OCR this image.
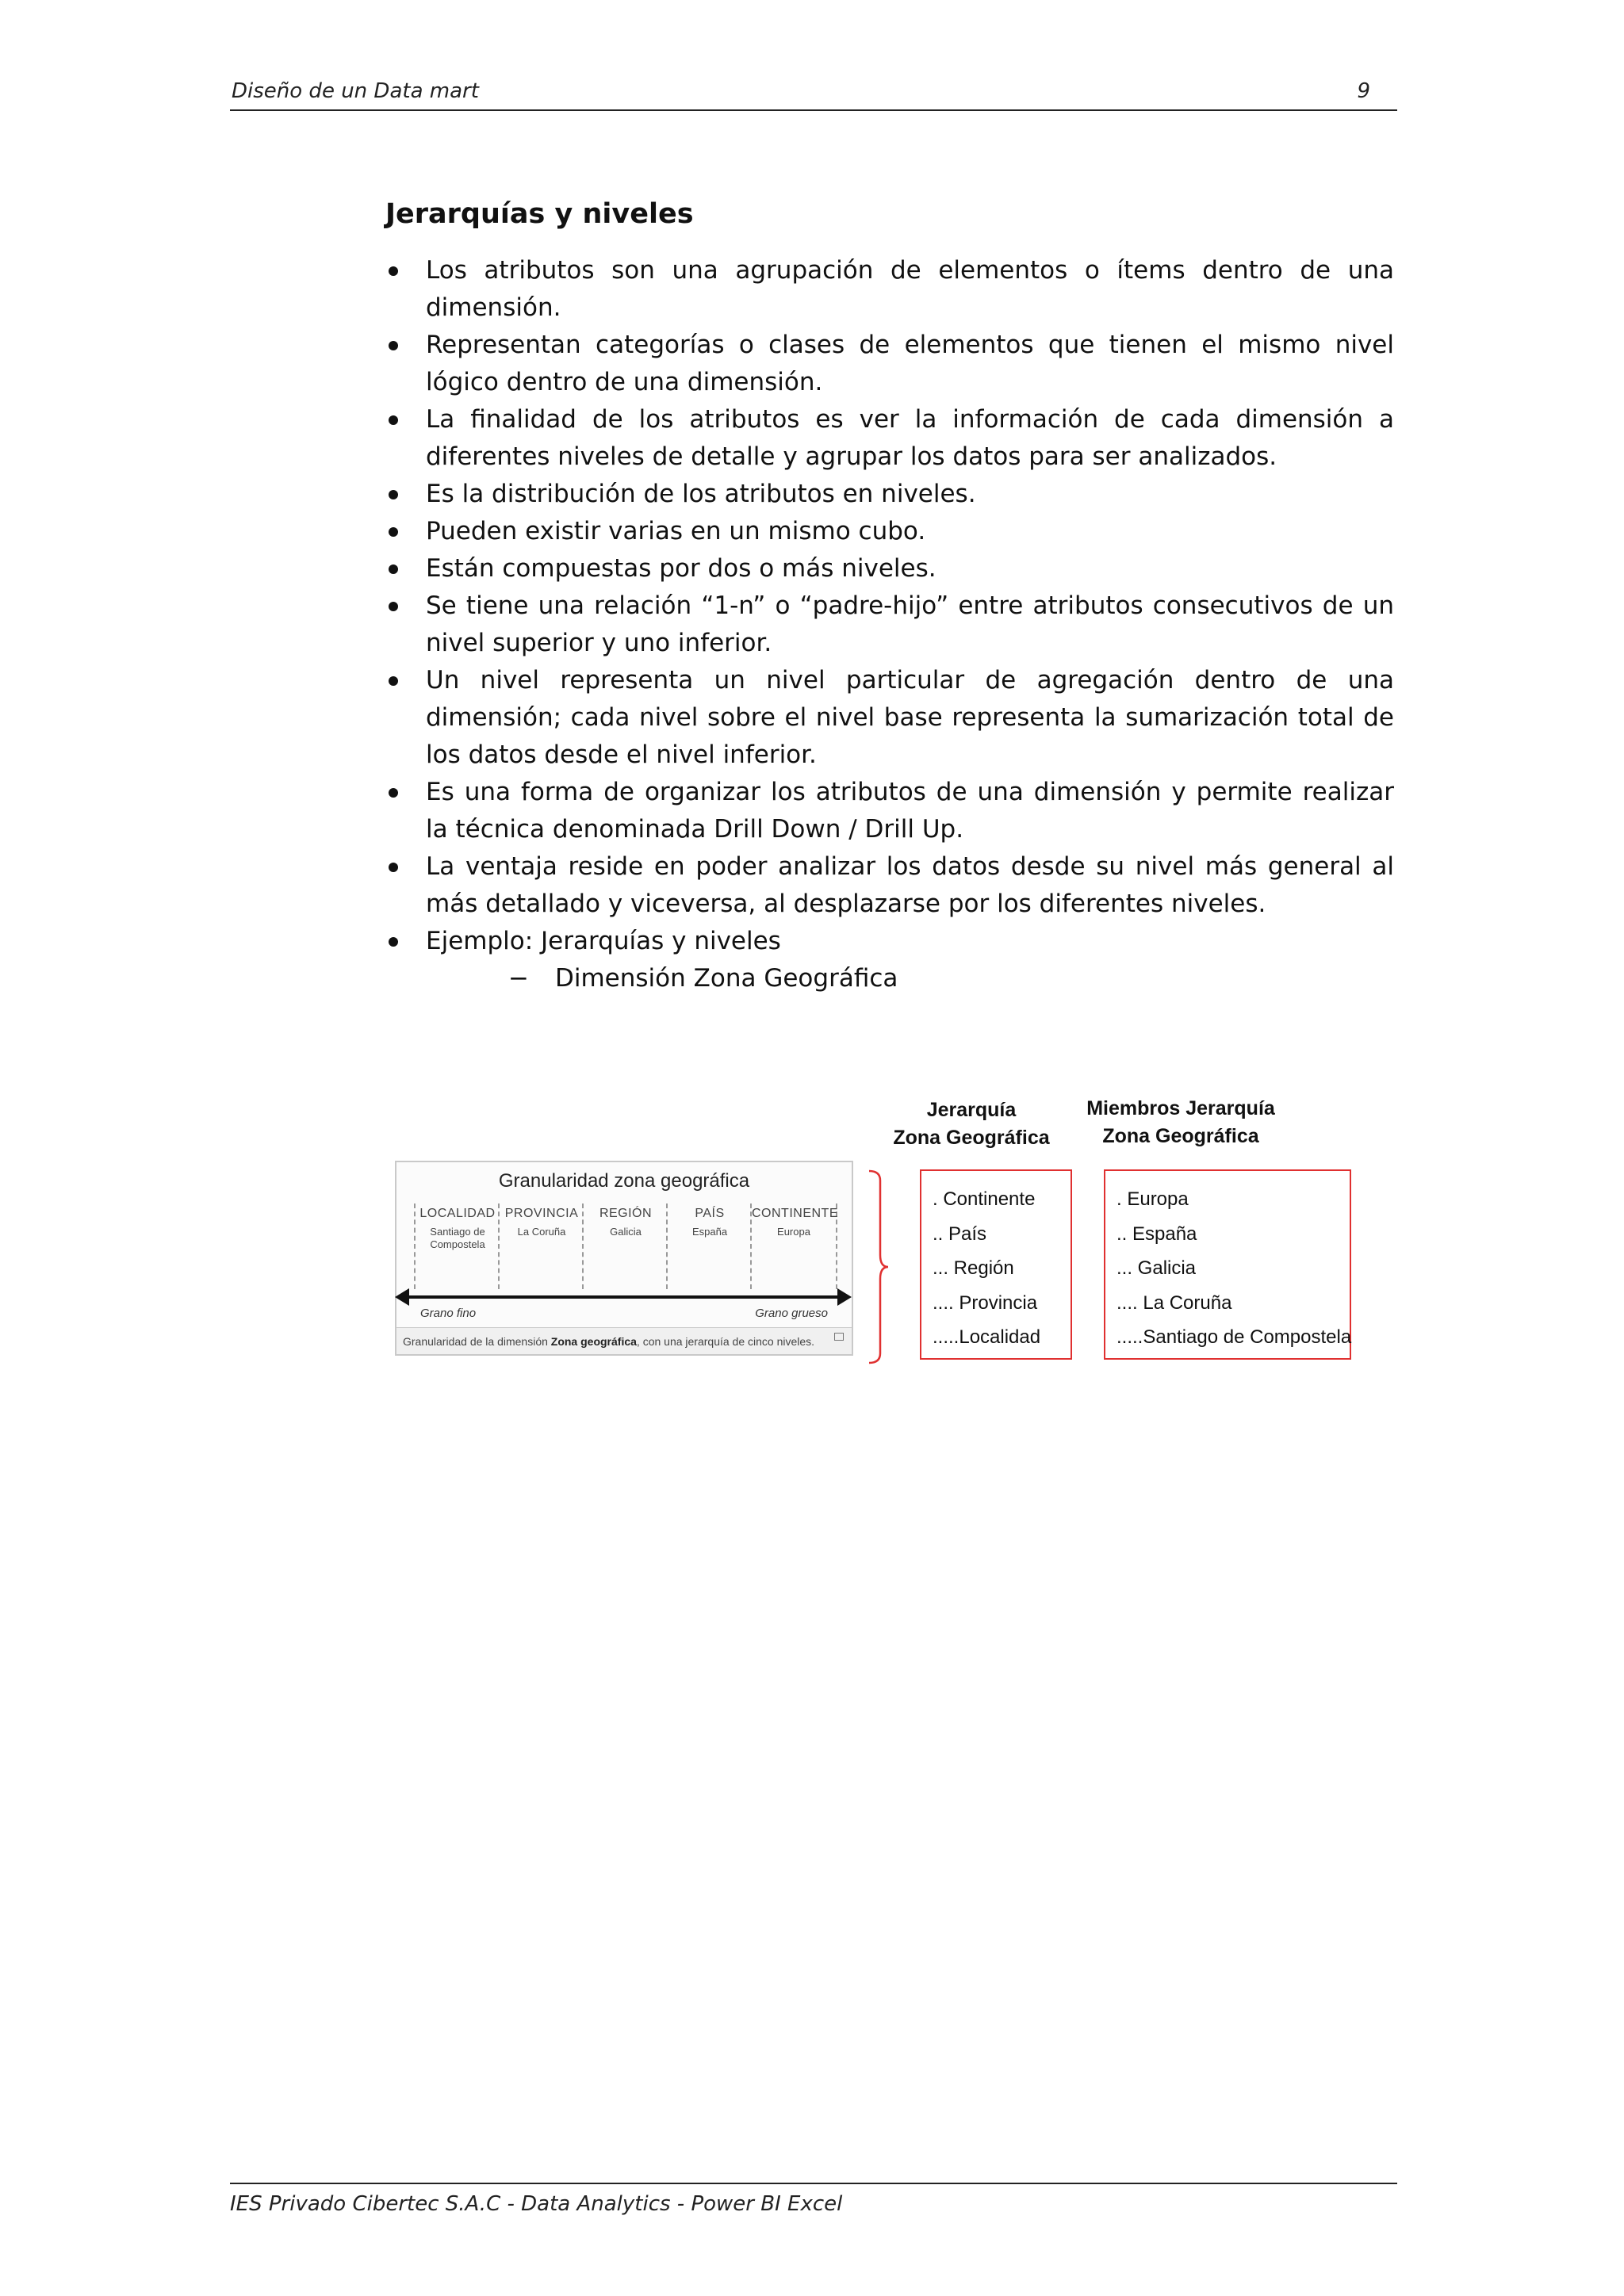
Diseño de un Data mart	9
Jerarquías y niveles
Los atributos son una agrupación de elementos o ítems dentro de una dimensión.
Representan categorías o clases de elementos que tienen el mismo nivel lógico dentro de una dimensión.
La finalidad de los atributos es ver la información de cada dimensión a diferentes niveles de detalle y agrupar los datos para ser analizados.
Es la distribución de los atributos en niveles.
Pueden existir varias en un mismo cubo.
Están compuestas por dos o más niveles.
Se tiene una relación “1-n” o “padre-hijo” entre atributos consecutivos de un nivel superior y uno inferior.
Un nivel representa un nivel particular de agregación dentro de una dimensión; cada nivel sobre el nivel base representa la sumarización total de los datos desde el nivel inferior.
Es una forma de organizar los atributos de una dimensión y permite realizar la técnica denominada Drill Down / Drill Up.
La ventaja reside en poder analizar los datos desde su nivel más general al más detallado y viceversa, al desplazarse por los diferentes niveles.
Ejemplo: Jerarquías y niveles
− Dimensión Zona Geográfica
Granularidad zona geográfica
LOCALIDAD
Santiago de
Compostela
PROVINCIA
La Coruña
REGIÓN
Galicia
PAÍS
España
CONTINENTE
Europa
Grano fino	Grano grueso
Granularidad de la dimensión Zona geográfica, con una jerarquía de cinco niveles.
Jerarquía
Zona Geográfica
Miembros Jerarquía
Zona Geográfica
. Continente
.. País
... Región
.... Provincia
.....Localidad
. Europa
.. España
... Galicia
.... La Coruña
.....Santiago de Compostela
IES Privado Cibertec S.A.C - Data Analytics - Power BI Excel
